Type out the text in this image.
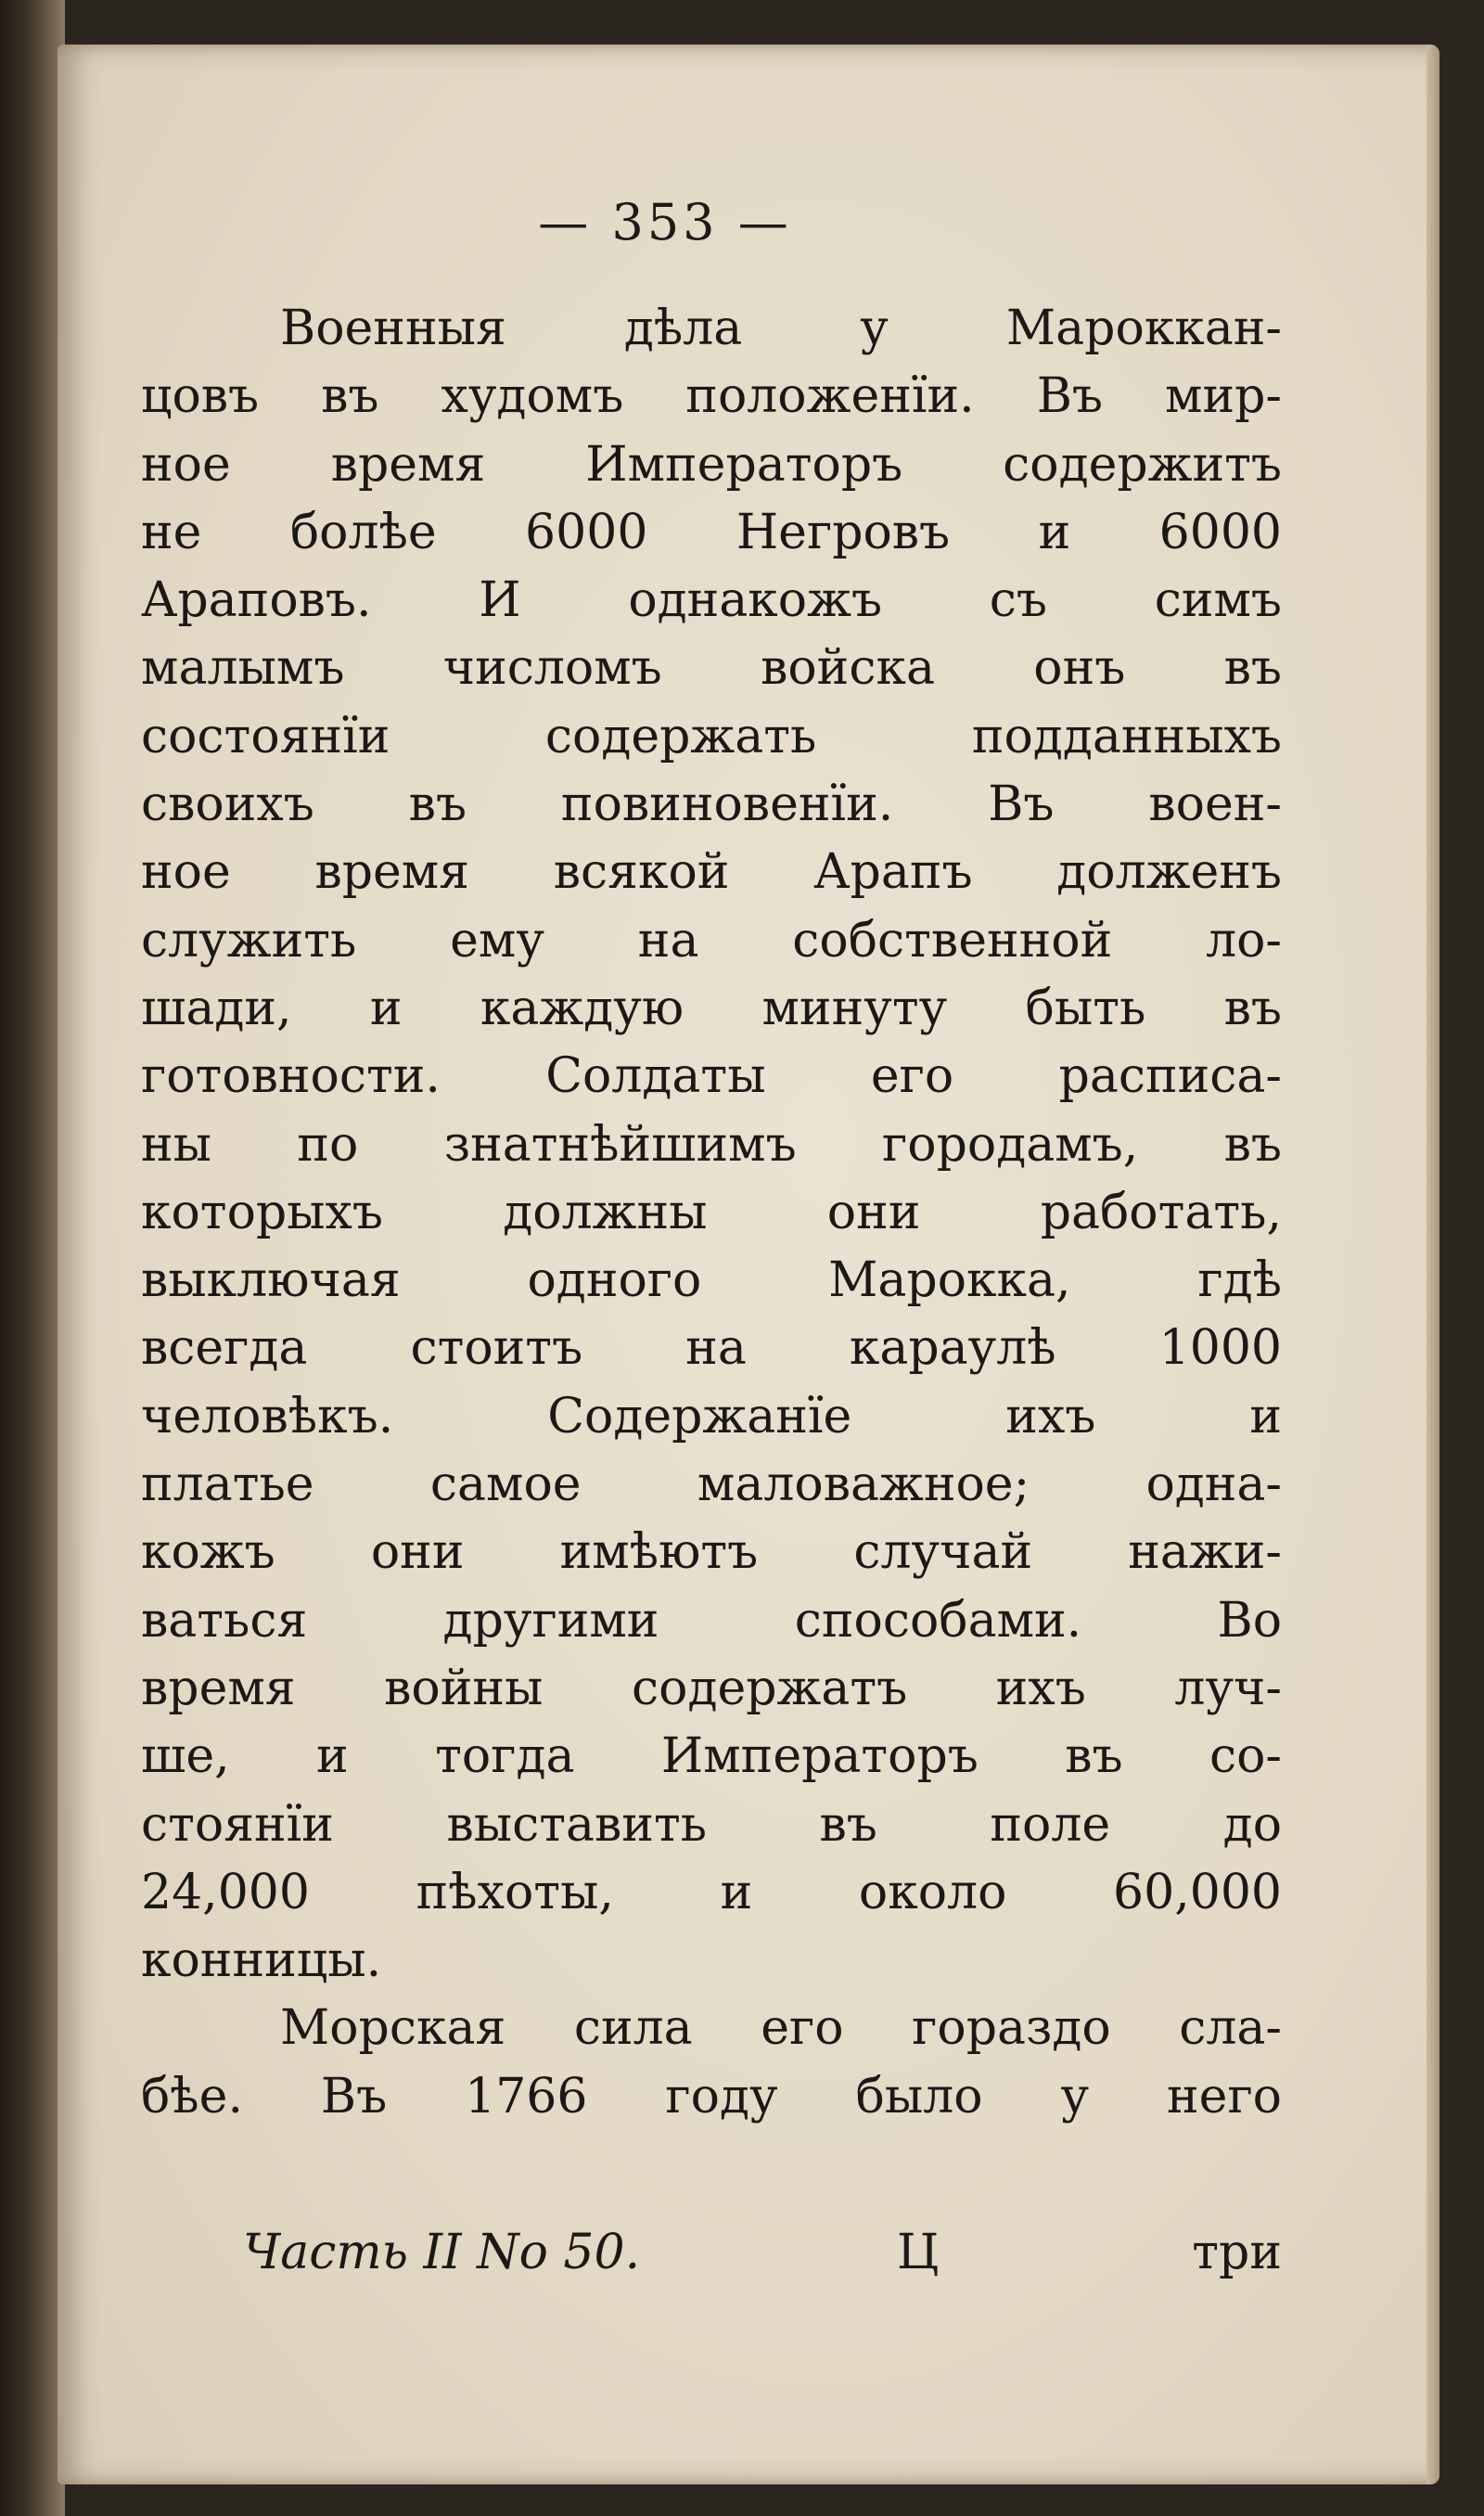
— 353 —
Военныя дѣла у Мароккан-
цовъ въ худомъ положенїи. Въ мир-
ное время Императоръ содержитъ
не болѣе 6000 Негровъ и 6000
Араповъ. И однакожъ съ симъ
малымъ числомъ войска онъ въ
состоянїи содержать подданныхъ
своихъ въ повиновенїи. Въ воен-
ное время всякой Арапъ долженъ
служить ему на собственной ло-
шади, и каждую минуту быть въ
готовности. Солдаты его расписа-
ны по знатнѣйшимъ городамъ, въ
которыхъ должны они работать,
выключая одного Марокка, гдѣ
всегда стоитъ на караулѣ 1000
человѣкъ. Содержанїе ихъ и
платье самое маловажное; одна-
кожъ они имѣютъ случай нажи-
ваться другими способами. Во
время войны содержатъ ихъ луч-
ше, и тогда Императоръ въ со-
стоянїи выставить въ поле до
24,000 пѣхоты, и около 60,000
конницы.
Морская сила его гораздо сла-
бѣе. Въ 1766 году было у него
Часть II No 50.	Ц	три
